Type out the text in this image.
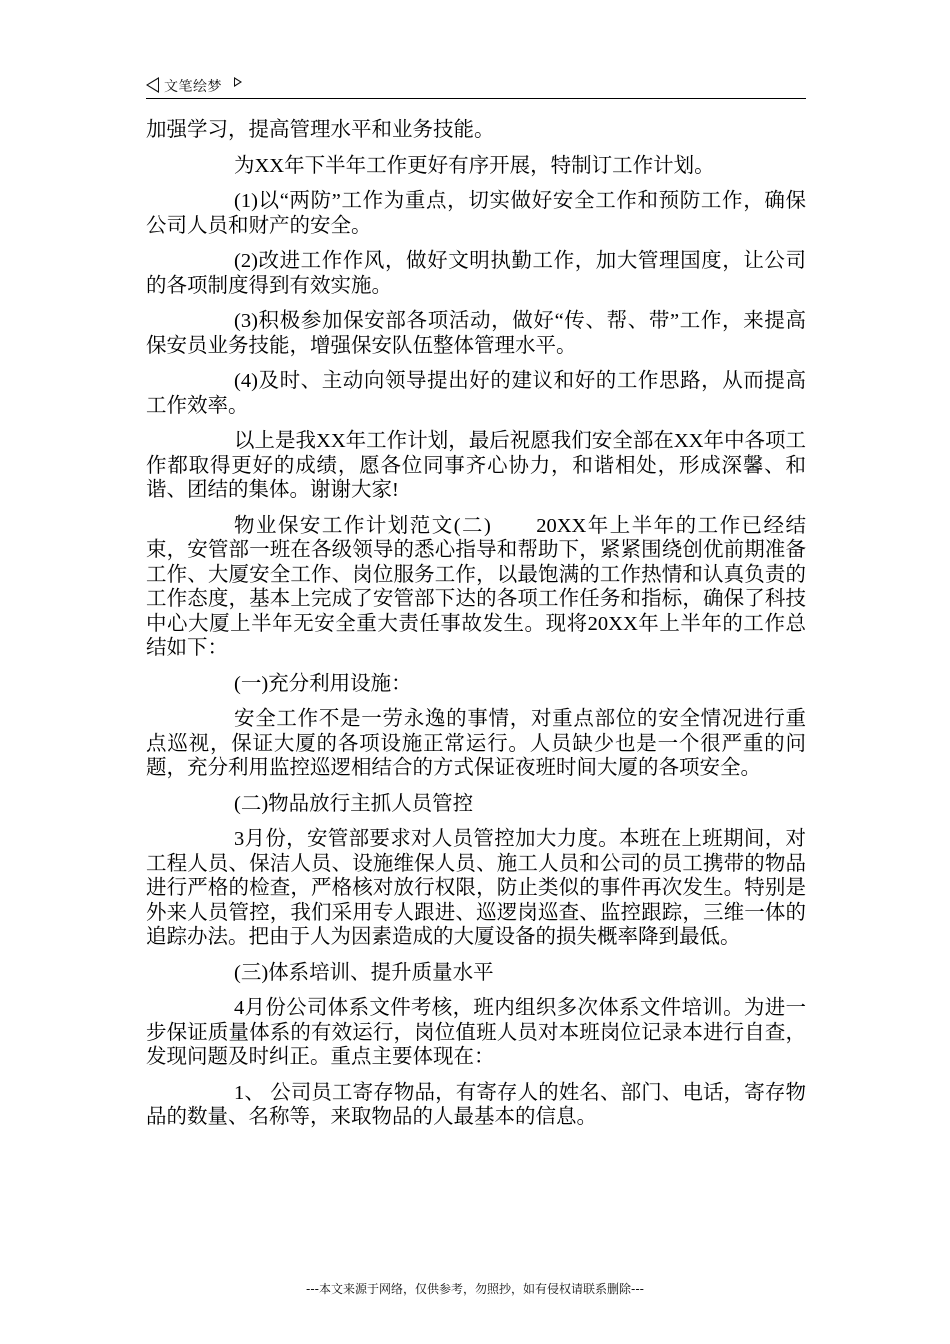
文笔绘梦

加强学习，提高管理水平和业务技能。

为XX年下半年工作更好有序开展，特制订工作计划。

(1)以“两防”工作为重点，切实做好安全工作和预防工作，确保公司人员和财产的安全。

(2)改进工作作风，做好文明执勤工作，加大管理国度，让公司的各项制度得到有效实施。

(3)积极参加保安部各项活动，做好“传、帮、带”工作，来提高保安员业务技能，增强保安队伍整体管理水平。

(4)及时、主动向领导提出好的建议和好的工作思路，从而提高工作效率。

以上是我XX年工作计划，最后祝愿我们安全部在XX年中各项工作都取得更好的成绩，愿各位同事齐心协力，和谐相处，形成深馨、和谐、团结的集体。谢谢大家!

物业保安工作计划范文(二)　　20XX年上半年的工作已经结束，安管部一班在各级领导的悉心指导和帮助下，紧紧围绕创优前期准备工作、大厦安全工作、岗位服务工作，以最饱满的工作热情和认真负责的工作态度，基本上完成了安管部下达的各项工作任务和指标，确保了科技中心大厦上半年无安全重大责任事故发生。现将20XX年上半年的工作总结如下：

(一)充分利用设施：

安全工作不是一劳永逸的事情，对重点部位的安全情况进行重点巡视，保证大厦的各项设施正常运行。人员缺少也是一个很严重的问题，充分利用监控巡逻相结合的方式保证夜班时间大厦的各项安全。

(二)物品放行主抓人员管控

3月份，安管部要求对人员管控加大力度。本班在上班期间，对工程人员、保洁人员、设施维保人员、施工人员和公司的员工携带的物品进行严格的检查，严格核对放行权限，防止类似的事件再次发生。特别是外来人员管控，我们采用专人跟进、巡逻岗巡查、监控跟踪，三维一体的追踪办法。把由于人为因素造成的大厦设备的损失概率降到最低。

(三)体系培训、提升质量水平

4月份公司体系文件考核，班内组织多次体系文件培训。为进一步保证质量体系的有效运行，岗位值班人员对本班岗位记录本进行自查，发现问题及时纠正。重点主要体现在：

1、 公司员工寄存物品，有寄存人的姓名、部门、电话，寄存物品的数量、名称等，来取物品的人最基本的信息。

---本文来源于网络，仅供参考，勿照抄，如有侵权请联系删除---
